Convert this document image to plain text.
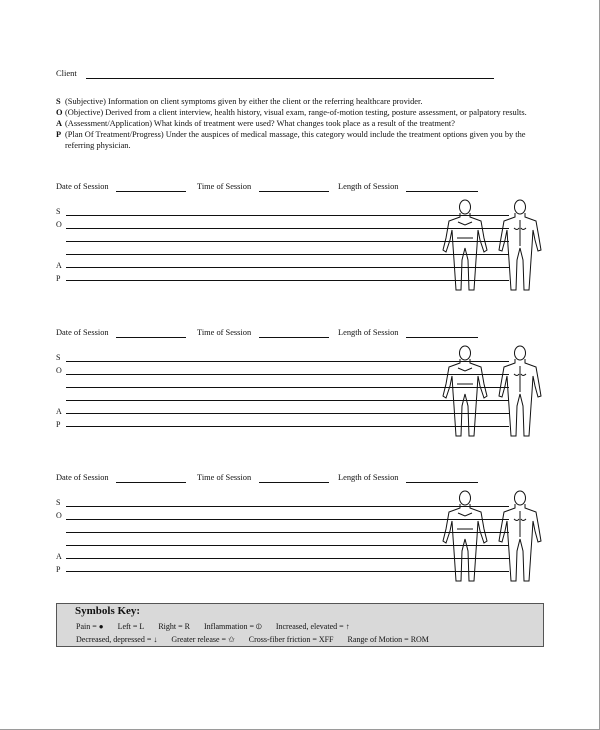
Client
S (Subjective) Information on client symptoms given by either the client or the referring healthcare provider.
O (Objective) Derived from a client interview, health history, visual exam, range-of-motion testing, posture assessment, or palpatory results.
A (Assessment/Application) What kinds of treatment were used? What changes took place as a result of the treatment?
P (Plan Of Treatment/Progress) Under the auspices of medical massage, this category would include the treatment options given you by the referring physician.
Date of Session	Time of Session	Length of Session
S
O
A
P
Date of Session	Time of Session	Length of Session
S
O
A
P
Date of Session	Time of Session	Length of Session
S
O
A
P
Symbols Key:
Pain = ● Left = L Right = R Inflammation = ⦶ Increased, elevated = ↑
Decreased, depressed = ↓ Greater release = ✩ Cross-fiber friction = XFF Range of Motion = ROM
